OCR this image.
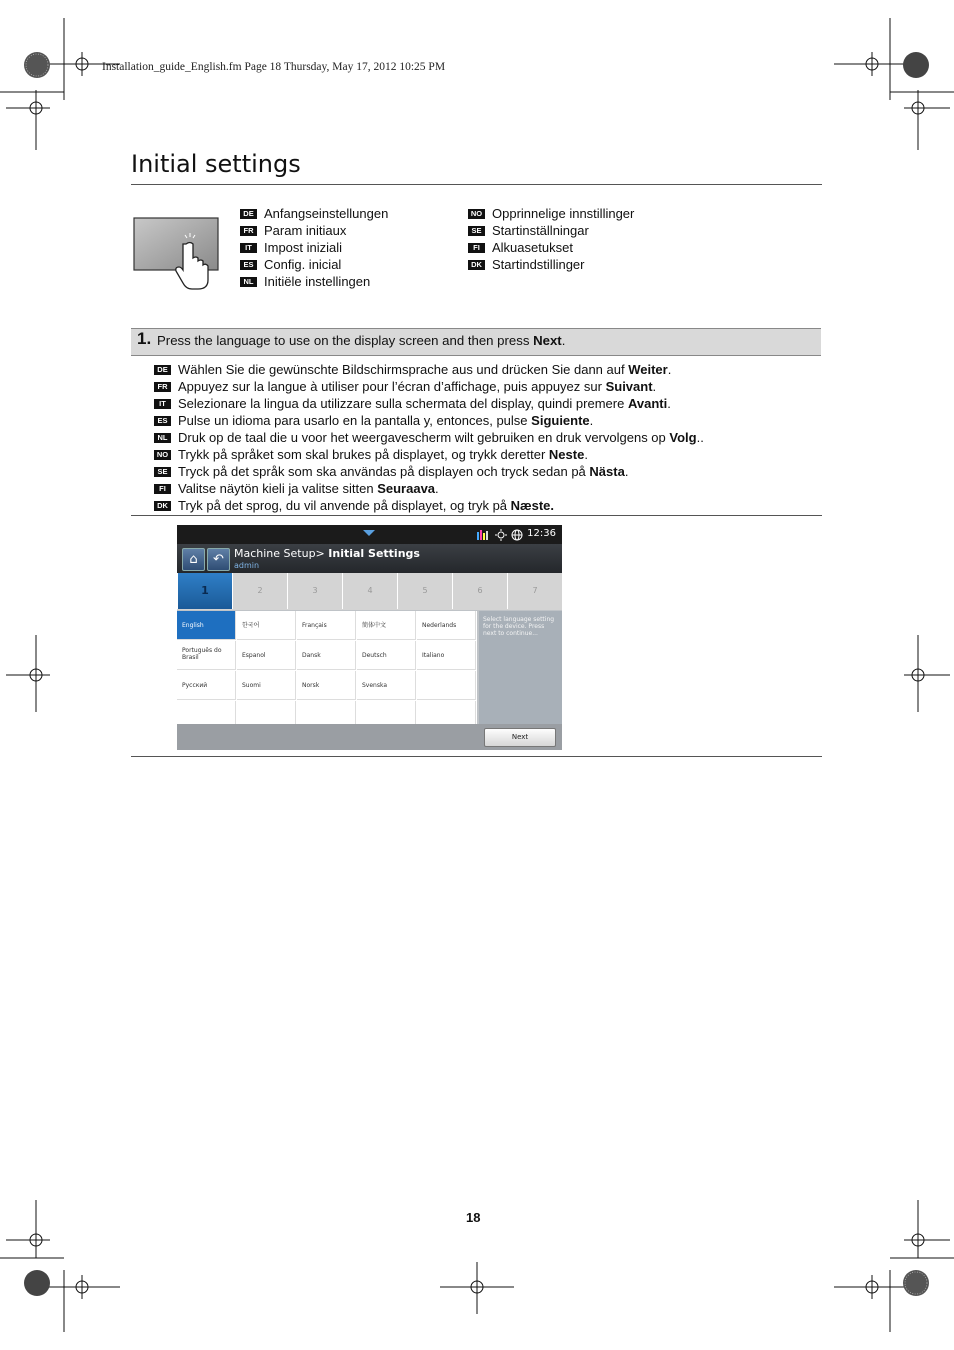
Installation_guide_English.fm Page 18 Thursday, May 17, 2012 10:25 PM
Initial settings
DE Anfangseinstellungen
FR Param initiaux
IT Impost iniziali
ES Config. inicial
NL Initiële instellingen
NO Opprinnelige innstillinger
SE Startinställningar
FI Alkuasetukset
DK Startindstillinger
1. Press the language to use on the display screen and then press Next.
DE Wählen Sie die gewünschte Bildschirmsprache aus und drücken Sie dann auf Weiter.
FR Appuyez sur la langue à utiliser pour l’écran d’affichage, puis appuyez sur Suivant.
IT Selezionare la lingua da utilizzare sulla schermata del display, quindi premere Avanti.
ES Pulse un idioma para usarlo en la pantalla y, entonces, pulse Siguiente.
NL Druk op de taal die u voor het weergavescherm wilt gebruiken en druk vervolgens op Volg..
NO Trykk på språket som skal brukes på displayet, og trykk deretter Neste.
SE Tryck på det språk som ska användas på displayen och tryck sedan på Nästa.
FI Valitse näytön kieli ja valitse sitten Seuraava.
DK Tryk på det sprog, du vil anvende på displayet, og tryk på Næste.
12:36
⌂	↶ Machine Setup> Initial Settings
admin
1	2	3	4	5	6	7
English	한국어	Français	簡体中文	Nederlands
Português do Brasil	Espanol	Dansk	Deutsch	Italiano
Русский	Suomi	Norsk	Svenska
Select language setting for the device. Press next to continue...
Next
18
